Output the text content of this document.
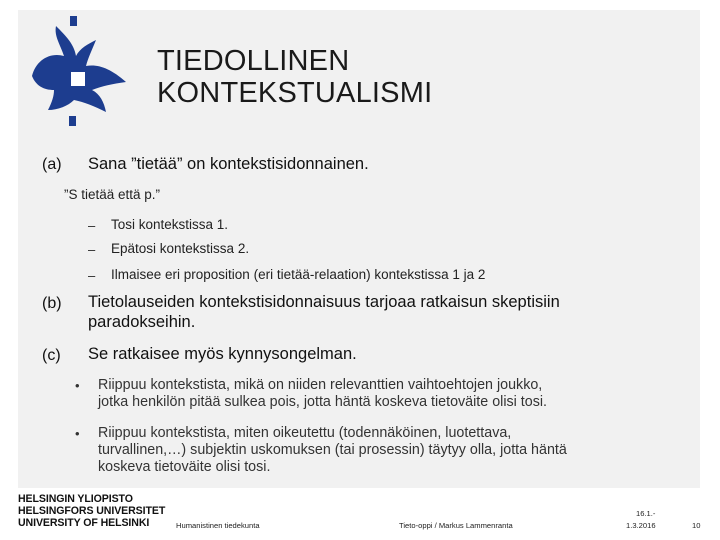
TIEDOLLINEN
KONTEKSTUALISMI
(a) Sana ”tietää” on kontekstisidonnainen.
”S tietää että p.”
– Tosi kontekstissa 1.
– Epätosi kontekstissa 2.
– Ilmaisee eri proposition (eri tietää-relaation) kontekstissa 1 ja 2
(b) Tietolauseiden kontekstisidonnaisuus tarjoaa ratkaisun skeptisiin
paradokseihin.
(c) Se ratkaisee myös kynnysongelman.
• Riippuu kontekstista, mikä on niiden relevanttien vaihtoehtojen joukko,
jotka henkilön pitää sulkea pois, jotta häntä koskeva tietoväite olisi tosi.
• Riippuu kontekstista, miten oikeutettu (todennäköinen, luotettava,
turvallinen,…) subjektin uskomuksen (tai prosessin) täytyy olla, jotta häntä
koskeva tietoväite olisi tosi.
HELSINGIN YLIOPISTO
HELSINGFORS UNIVERSITET
UNIVERSITY OF HELSINKI	Humanistinen tiedekunta	Tieto-oppi / Markus Lammenranta
16.1.-
1.3.2016	10
